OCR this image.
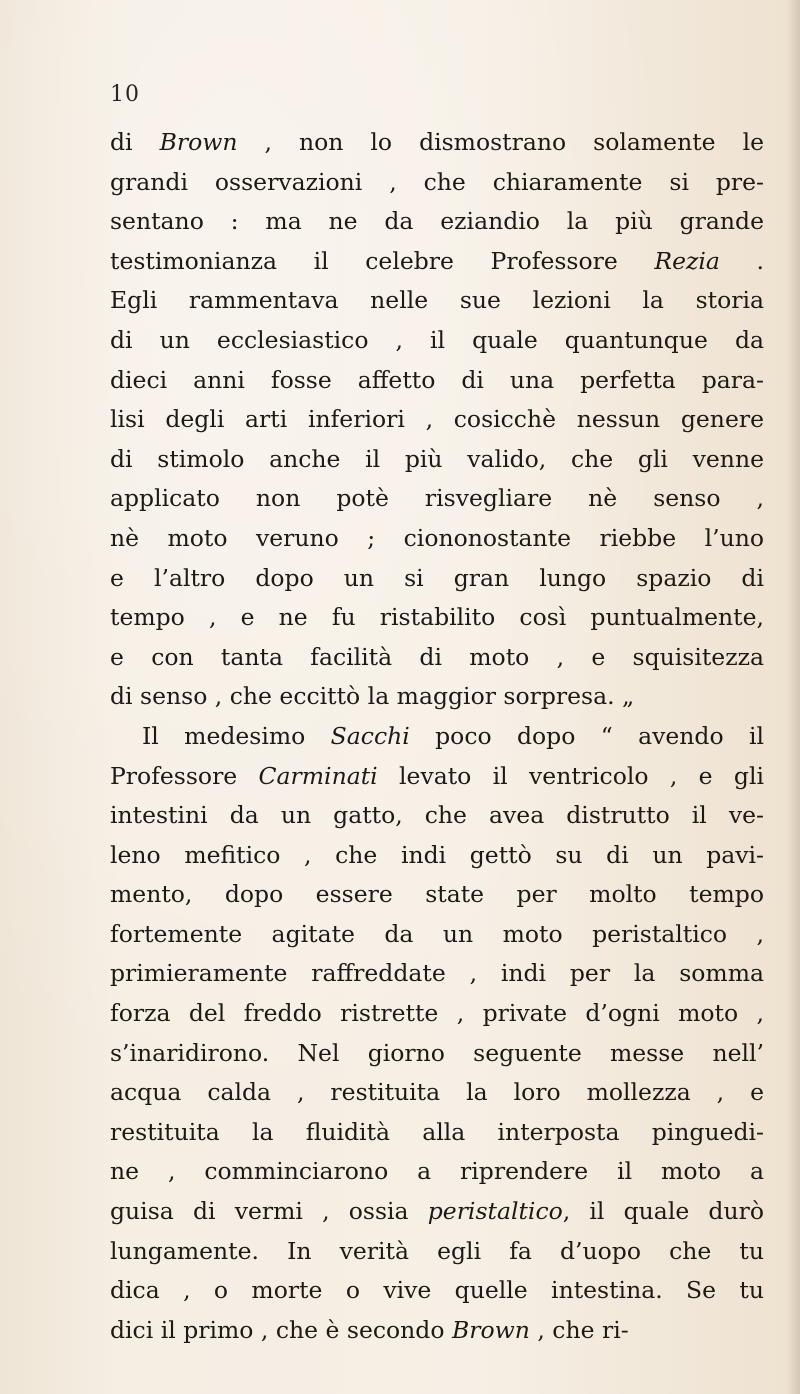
10
di Brown , non lo dismostrano solamente le
grandi osservazioni , che chiaramente si pre-
sentano : ma ne da eziandio la più grande
testimonianza il celebre Professore Rezia .
Egli rammentava nelle sue lezioni la storia
di un ecclesiastico , il quale quantunque da
dieci anni fosse affetto di una perfetta para-
lisi degli arti inferiori , cosicchè nessun genere
di stimolo anche il più valido, che gli venne
applicato non potè risvegliare nè senso ,
nè moto veruno ; ciononostante riebbe l’uno
e l’altro dopo un si gran lungo spazio di
tempo , e ne fu ristabilito così puntualmente,
e con tanta facilità di moto , e squisitezza
di senso , che eccittò la maggior sorpresa. „
Il medesimo Sacchi poco dopo “ avendo il
Professore Carminati levato il ventricolo , e gli
intestini da un gatto, che avea distrutto il ve-
leno mefitico , che indi gettò su di un pavi-
mento, dopo essere state per molto tempo
fortemente agitate da un moto peristaltico ,
primieramente raffreddate , indi per la somma
forza del freddo ristrette , private d’ogni moto ,
s’inaridirono. Nel giorno seguente messe nell’
acqua calda , restituita la loro mollezza , e
restituita la fluidità alla interposta pinguedi-
ne , comminciarono a riprendere il moto a
guisa di vermi , ossia peristaltico, il quale durò
lungamente. In verità egli fa d’uopo che tu
dica , o morte o vive quelle intestina. Se tu
dici il primo , che è secondo Brown , che ri-
